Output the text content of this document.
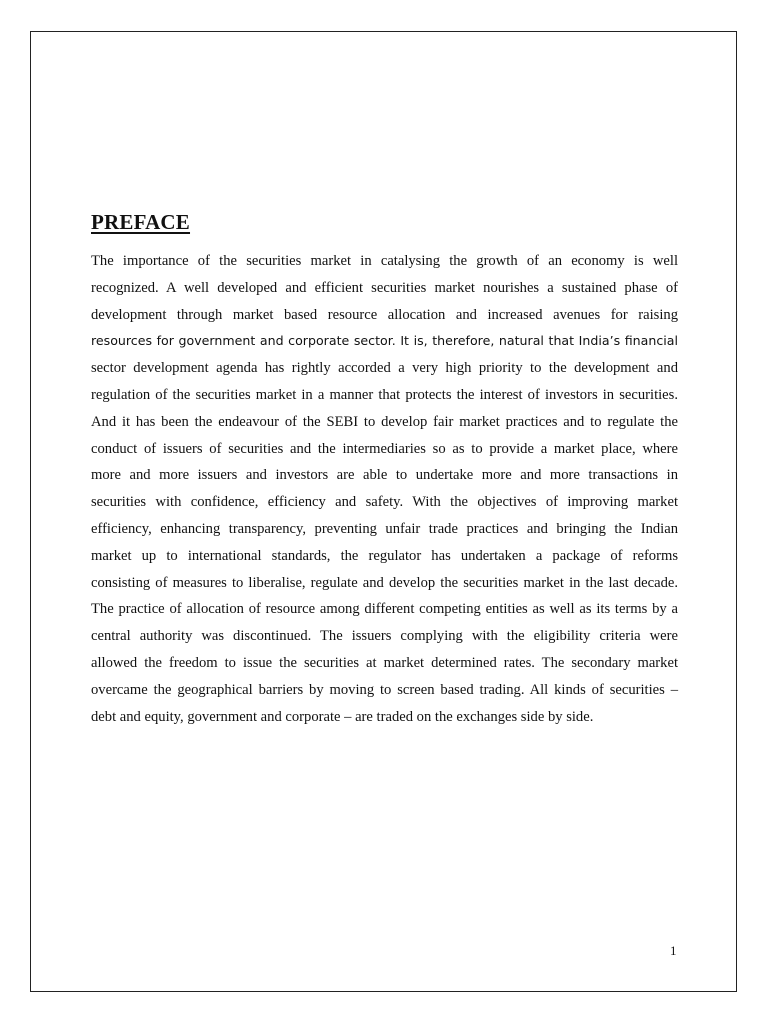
PREFACE
The importance of the securities market in catalysing the growth of an economy is well
recognized. A well developed and efficient securities market nourishes a sustained phase of
development through market based resource allocation and increased avenues for raising
resources for government and corporate sector. It is, therefore, natural that India’s financial
sector development agenda has rightly accorded a very high priority to the development and
regulation of the securities market in a manner that protects the interest of investors in securities.
And it has been the endeavour of the SEBI to develop fair market practices and to regulate the
conduct of issuers of securities and the intermediaries so as to provide a market place, where
more and more issuers and investors are able to undertake more and more transactions in
securities with confidence, efficiency and safety. With the objectives of improving market
efficiency, enhancing transparency, preventing unfair trade practices and bringing the Indian
market up to international standards, the regulator has undertaken a package of reforms
consisting of measures to liberalise, regulate and develop the securities market in the last decade.
The practice of allocation of resource among different competing entities as well as its terms by a
central authority was discontinued. The issuers complying with the eligibility criteria were
allowed the freedom to issue the securities at market determined rates. The secondary market
overcame the geographical barriers by moving to screen based trading. All kinds of securities –
debt and equity, government and corporate – are traded on the exchanges side by side.
1
